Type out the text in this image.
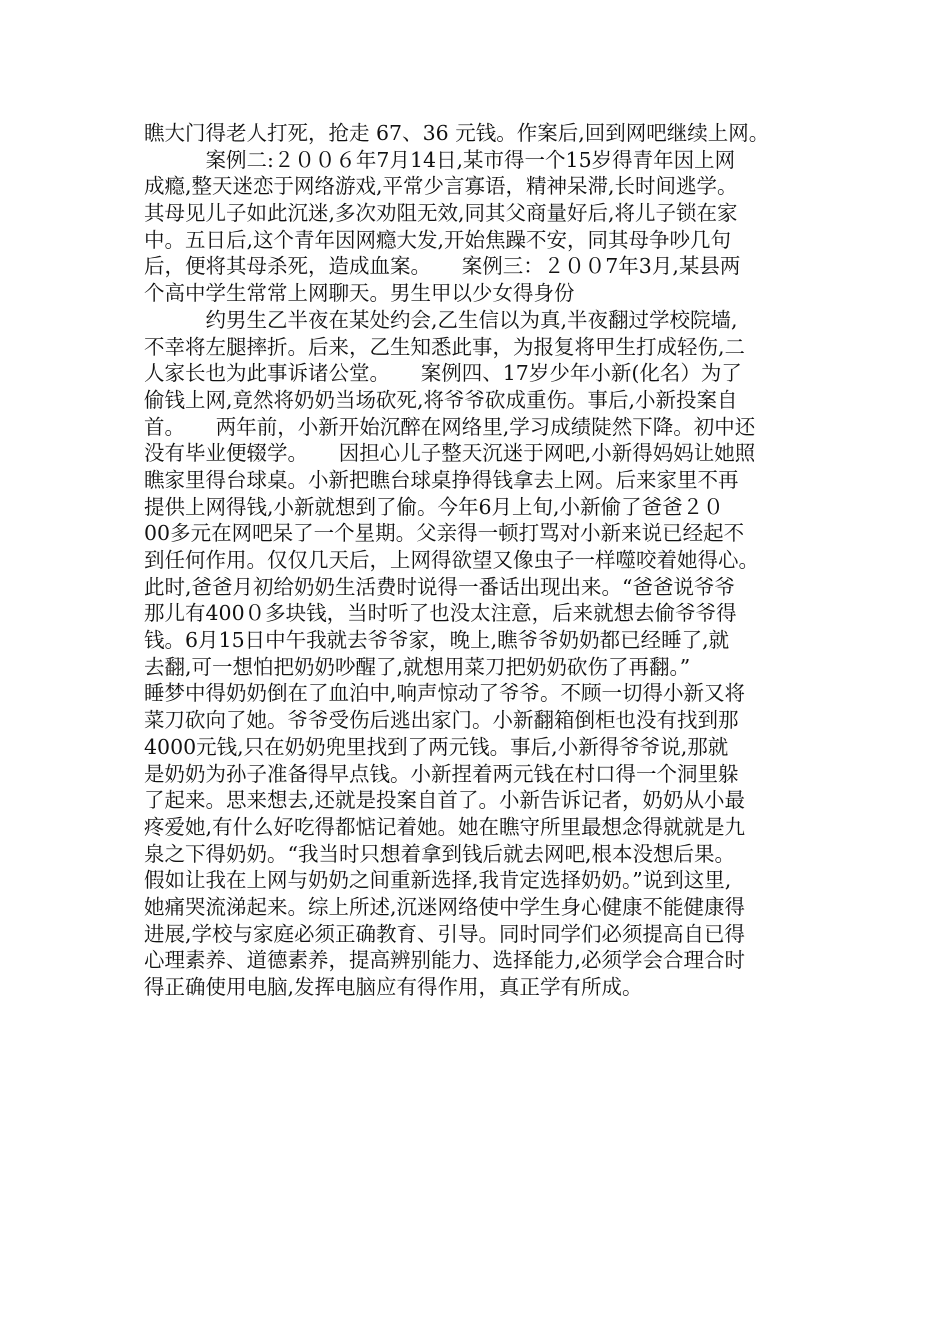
瞧大门得老人打死，抢走 67、36 元钱。作案后,回到网吧继续上网。
　　　案例二:２００６年7月14日,某市得一个15岁得青年因上网
成瘾,整天迷恋于网络游戏,平常少言寡语，精神呆滞,长时间逃学。
其母见儿子如此沉迷,多次劝阻无效,同其父商量好后,将儿子锁在家
中。五日后,这个青年因网瘾大发,开始焦躁不安，同其母争吵几句
后，便将其母杀死，造成血案。　　案例三：２００7年3月,某县两
个高中学生常常上网聊天。男生甲以少女得身份
　　　约男生乙半夜在某处约会,乙生信以为真,半夜翻过学校院墙,
不幸将左腿摔折。后来，乙生知悉此事，为报复将甲生打成轻伤,二
人家长也为此事诉诸公堂。　　案例四、17岁少年小新(化名）为了
偷钱上网,竟然将奶奶当场砍死,将爷爷砍成重伤。事后,小新投案自
首。　　两年前，小新开始沉醉在网络里,学习成绩陡然下降。初中还
没有毕业便辍学。　　因担心儿子整天沉迷于网吧,小新得妈妈让她照
瞧家里得台球桌。小新把瞧台球桌挣得钱拿去上网。后来家里不再
提供上网得钱,小新就想到了偷。今年6月上旬,小新偷了爸爸２０
00多元在网吧呆了一个星期。父亲得一顿打骂对小新来说已经起不
到任何作用。仅仅几天后，上网得欲望又像虫子一样噬咬着她得心。
此时,爸爸月初给奶奶生活费时说得一番话出现出来。“爸爸说爷爷
那儿有400０多块钱，当时听了也没太注意，后来就想去偷爷爷得
钱。6月15日中午我就去爷爷家，晚上,瞧爷爷奶奶都已经睡了,就
去翻,可一想怕把奶奶吵醒了,就想用菜刀把奶奶砍伤了再翻。”
睡梦中得奶奶倒在了血泊中,响声惊动了爷爷。不顾一切得小新又将
菜刀砍向了她。爷爷受伤后逃出家门。小新翻箱倒柜也没有找到那
4000元钱,只在奶奶兜里找到了两元钱。事后,小新得爷爷说,那就
是奶奶为孙子准备得早点钱。小新捏着两元钱在村口得一个洞里躲
了起来。思来想去,还就是投案自首了。小新告诉记者，奶奶从小最
疼爱她,有什么好吃得都惦记着她。她在瞧守所里最想念得就就是九
泉之下得奶奶。“我当时只想着拿到钱后就去网吧,根本没想后果。
假如让我在上网与奶奶之间重新选择,我肯定选择奶奶。”说到这里,
她痛哭流涕起来。综上所述,沉迷网络使中学生身心健康不能健康得
进展,学校与家庭必须正确教育、引导。同时同学们必须提高自已得
心理素养、道德素养，提高辨别能力、选择能力,必须学会合理合时
得正确使用电脑,发挥电脑应有得作用，真正学有所成。
